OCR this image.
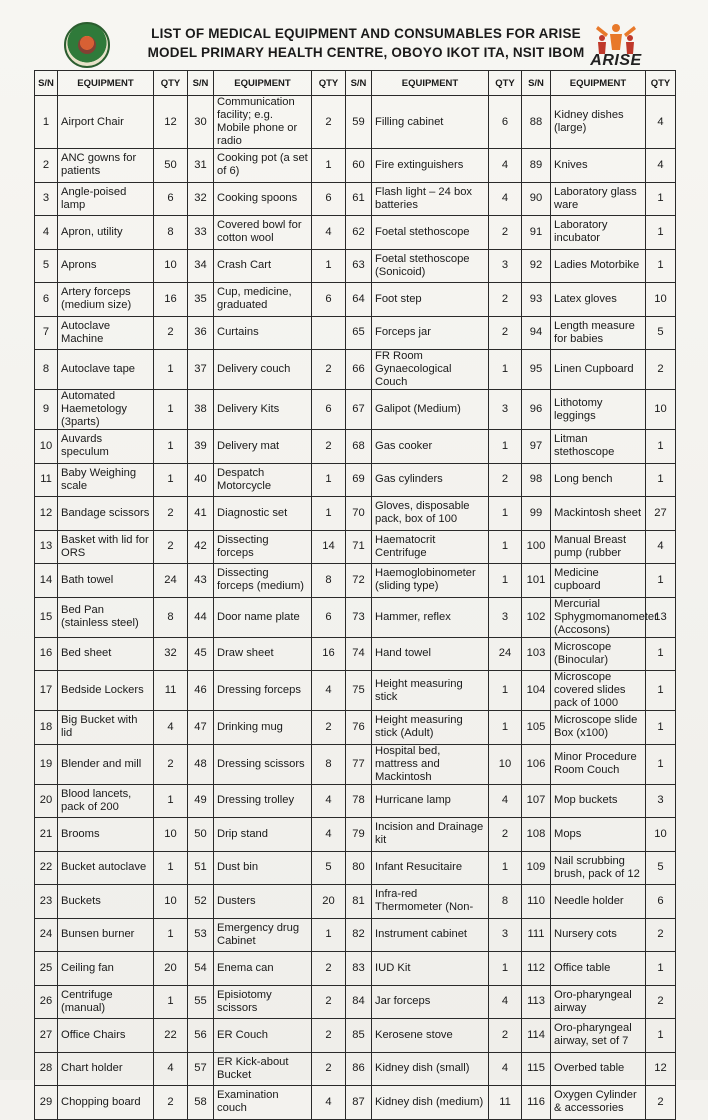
LIST OF MEDICAL EQUIPMENT AND CONSUMABLES FOR ARISE
MODEL PRIMARY HEALTH CENTRE, OBOYO IKOT ITA, NSIT IBOM ARISE
S/N	EQUIPMENT	QTY	S/N	EQUIPMENT	QTY	S/N	EQUIPMENT	QTY	S/N	EQUIPMENT	QTY
1	Airport Chair	12	30	Communication facility; e.g. Mobile phone or radio	2	59	Filling cabinet	6	88	Kidney dishes (large)	4
2	ANC gowns for patients	50	31	Cooking pot (a set of 6)	1	60	Fire extinguishers	4	89	Knives	4
3	Angle-poised lamp	6	32	Cooking spoons	6	61	Flash light – 24 box batteries	4	90	Laboratory glass ware	1
4	Apron, utility	8	33	Covered bowl for cotton wool	4	62	Foetal stethoscope	2	91	Laboratory incubator	1
5	Aprons	10	34	Crash Cart	1	63	Foetal stethoscope (Sonicoid)	3	92	Ladies Motorbike	1
6	Artery forceps (medium size)	16	35	Cup, medicine, graduated	6	64	Foot step	2	93	Latex gloves	10
7	Autoclave Machine	2	36	Curtains		65	Forceps jar	2	94	Length measure for babies	5
8	Autoclave tape	1	37	Delivery couch	2	66	FR Room Gynaecological Couch	1	95	Linen Cupboard	2
9	Automated Haemetology (3parts)	1	38	Delivery Kits	6	67	Galipot (Medium)	3	96	Lithotomy leggings	10
10	Auvards speculum	1	39	Delivery mat	2	68	Gas cooker	1	97	Litman stethoscope	1
11	Baby Weighing scale	1	40	Despatch Motorcycle	1	69	Gas cylinders	2	98	Long bench	1
12	Bandage scissors	2	41	Diagnostic set	1	70	Gloves, disposable pack, box of 100	1	99	Mackintosh sheet	27
13	Basket with lid for ORS	2	42	Dissecting forceps	14	71	Haematocrit Centrifuge	1	100	Manual Breast pump (rubber	4
14	Bath towel	24	43	Dissecting forceps (medium)	8	72	Haemoglobinometer (sliding type)	1	101	Medicine cupboard	1
15	Bed Pan (stainless steel)	8	44	Door name plate	6	73	Hammer, reflex	3	102	Mercurial Sphygmomanometer (Accosons)	13
16	Bed sheet	32	45	Draw sheet	16	74	Hand towel	24	103	Microscope (Binocular)	1
17	Bedside Lockers	11	46	Dressing forceps	4	75	Height measuring stick	1	104	Microscope covered slides pack of 1000	1
18	Big Bucket with lid	4	47	Drinking mug	2	76	Height measuring stick (Adult)	1	105	Microscope slide Box (x100)	1
19	Blender and mill	2	48	Dressing scissors	8	77	Hospital bed, mattress and Mackintosh	10	106	Minor Procedure Room Couch	1
20	Blood lancets, pack of 200	1	49	Dressing trolley	4	78	Hurricane lamp	4	107	Mop buckets	3
21	Brooms	10	50	Drip stand	4	79	Incision and Drainage kit	2	108	Mops	10
22	Bucket autoclave	1	51	Dust bin	5	80	Infant Resucitaire	1	109	Nail scrubbing brush, pack of 12	5
23	Buckets	10	52	Dusters	20	81	Infra-red Thermometer (Non-	8	110	Needle holder	6
24	Bunsen burner	1	53	Emergency drug Cabinet	1	82	Instrument cabinet	3	111	Nursery cots	2
25	Ceiling fan	20	54	Enema can	2	83	IUD Kit	1	112	Office table	1
26	Centrifuge (manual)	1	55	Episiotomy scissors	2	84	Jar forceps	4	113	Oro-pharyngeal airway	2
27	Office Chairs	22	56	ER Couch	2	85	Kerosene stove	2	114	Oro-pharyngeal airway, set of 7	1
28	Chart holder	4	57	ER Kick-about Bucket	2	86	Kidney dish (small)	4	115	Overbed table	12
29	Chopping board	2	58	Examination couch	4	87	Kidney dish (medium)	11	116	Oxygen Cylinder & accessories	2
